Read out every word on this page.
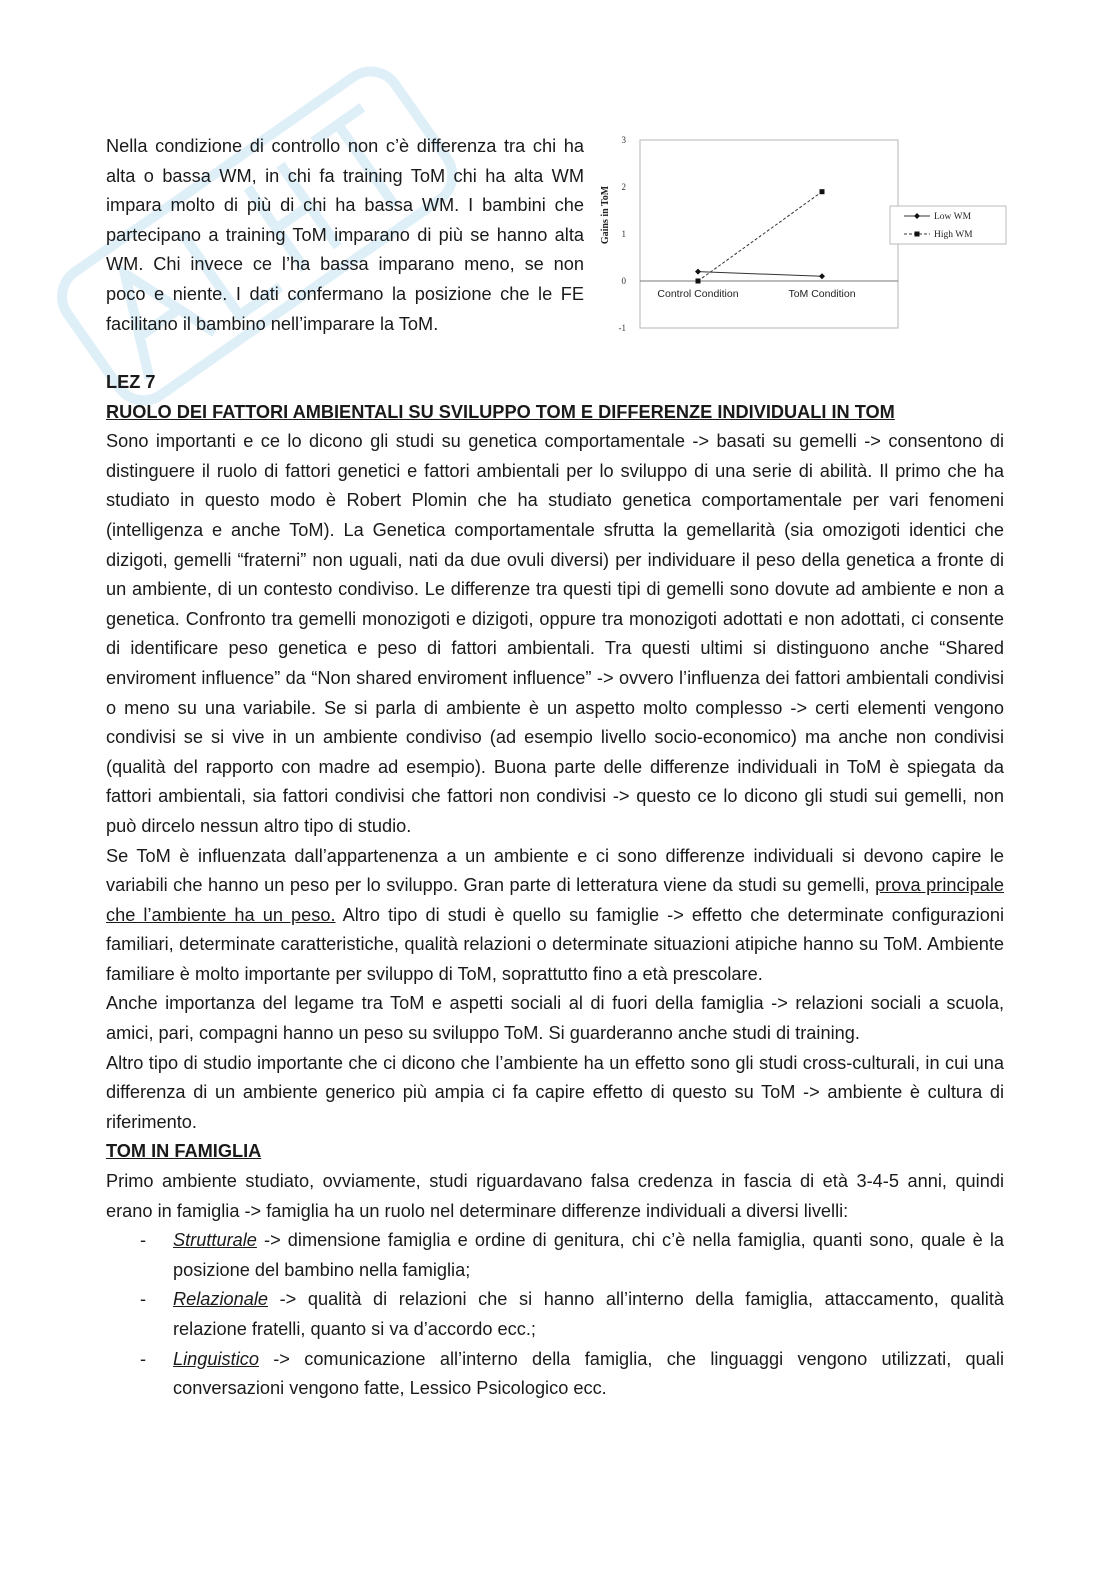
Nella condizione di controllo non c’è differenza tra chi ha alta o bassa WM, in chi fa training ToM chi ha alta WM impara molto di più di chi ha bassa WM. I bambini che partecipano a training ToM imparano di più se hanno alta WM. Chi invece ce l’ha bassa imparano meno, se non poco e niente. I dati confermano la posizione che le FE facilitano il bambino nell’imparare la ToM.

3
2
1
0
-1
Gains in ToM
Control Condition	ToM Condition
Low WM
High WM

LEZ 7

RUOLO DEI FATTORI AMBIENTALI SU SVILUPPO TOM E DIFFERENZE INDIVIDUALI IN TOM

Sono importanti e ce lo dicono gli studi su genetica comportamentale -> basati su gemelli -> consentono di distinguere il ruolo di fattori genetici e fattori ambientali per lo sviluppo di una serie di abilità. Il primo che ha studiato in questo modo è Robert Plomin che ha studiato genetica comportamentale per vari fenomeni (intelligenza e anche ToM). La Genetica comportamentale sfrutta la gemellarità (sia omozigoti identici che dizigoti, gemelli “fraterni” non uguali, nati da due ovuli diversi) per individuare il peso della genetica a fronte di un ambiente, di un contesto condiviso. Le differenze tra questi tipi di gemelli sono dovute ad ambiente e non a genetica. Confronto tra gemelli monozigoti e dizigoti, oppure tra monozigoti adottati e non adottati, ci consente di identificare peso genetica e peso di fattori ambientali. Tra questi ultimi si distinguono anche “Shared enviroment influence” da “Non shared enviroment influence” -> ovvero l’influenza dei fattori ambientali condivisi o meno su una variabile. Se si parla di ambiente è un aspetto molto complesso -> certi elementi vengono condivisi se si vive in un ambiente condiviso (ad esempio livello socio-economico) ma anche non condivisi (qualità del rapporto con madre ad esempio). Buona parte delle differenze individuali in ToM è spiegata da fattori ambientali, sia fattori condivisi che fattori non condivisi -> questo ce lo dicono gli studi sui gemelli, non può dircelo nessun altro tipo di studio.

Se ToM è influenzata dall’appartenenza a un ambiente e ci sono differenze individuali si devono capire le variabili che hanno un peso per lo sviluppo. Gran parte di letteratura viene da studi su gemelli, prova principale che l’ambiente ha un peso. Altro tipo di studi è quello su famiglie -> effetto che determinate configurazioni familiari, determinate caratteristiche, qualità relazioni o determinate situazioni atipiche hanno su ToM. Ambiente familiare è molto importante per sviluppo di ToM, soprattutto fino a età prescolare.

Anche importanza del legame tra ToM e aspetti sociali al di fuori della famiglia -> relazioni sociali a scuola, amici, pari, compagni hanno un peso su sviluppo ToM. Si guarderanno anche studi di training.

Altro tipo di studio importante che ci dicono che l’ambiente ha un effetto sono gli studi cross-culturali, in cui una differenza di un ambiente generico più ampia ci fa capire effetto di questo su ToM -> ambiente è cultura di riferimento.

TOM IN FAMIGLIA

Primo ambiente studiato, ovviamente, studi riguardavano falsa credenza in fascia di età 3-4-5 anni, quindi erano in famiglia -> famiglia ha un ruolo nel determinare differenze individuali a diversi livelli:

- Strutturale -> dimensione famiglia e ordine di genitura, chi c’è nella famiglia, quanti sono, quale è la posizione del bambino nella famiglia;
- Relazionale -> qualità di relazioni che si hanno all’interno della famiglia, attaccamento, qualità relazione fratelli, quanto si va d’accordo ecc.;
- Linguistico -> comunicazione all’interno della famiglia, che linguaggi vengono utilizzati, quali conversazioni vengono fatte, Lessico Psicologico ecc.
